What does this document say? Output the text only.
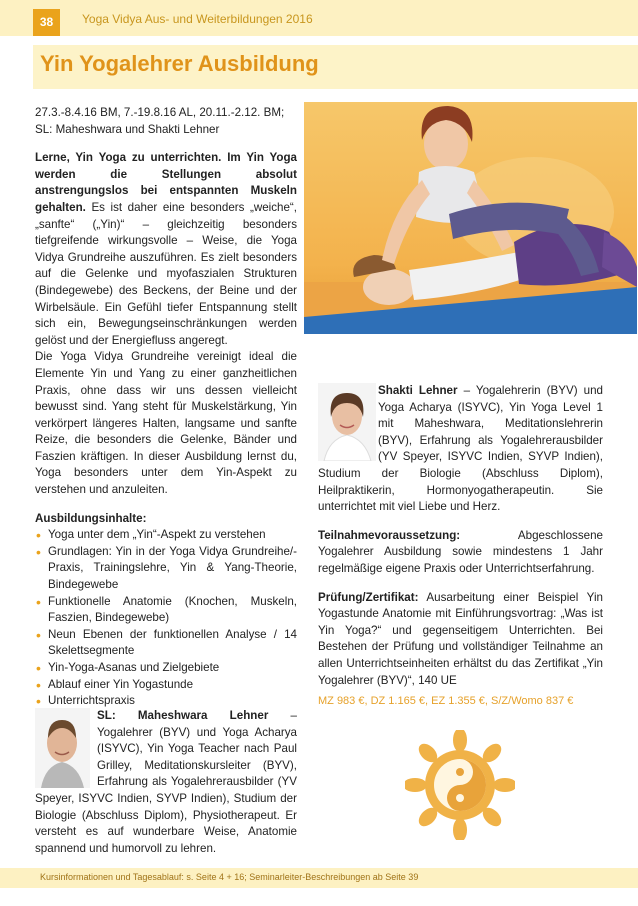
38	Yoga Vidya Aus- und Weiterbildungen 2016
Yin Yogalehrer Ausbildung

27.3.-8.4.16 BM, 7.-19.8.16 AL, 20.11.-2.12. BM;

SL: Maheshwara und Shakti Lehner

Lerne, Yin Yoga zu unterrichten. Im Yin Yoga werden die Stellungen absolut anstrengungslos bei entspannten Muskeln gehalten. Es ist daher eine besonders „weiche“, „sanfte“ („Yin)“ – gleichzeitig besonders tiefgreifende wirkungsvolle – Weise, die Yoga Vidya Grundreihe auszuführen. Es zielt besonders auf die Gelenke und myofaszialen Strukturen (Bindegewebe) des Beckens, der Beine und der Wirbelsäule. Ein Gefühl tiefer Entspannung stellt sich ein, Bewegungseinschränkungen werden gelöst und der Energiefluss angeregt.

Die Yoga Vidya Grundreihe vereinigt ideal die Elemente Yin und Yang zu einer ganzheitlichen Praxis, ohne dass wir uns dessen vielleicht bewusst sind. Yang steht für Muskelstärkung, Yin verkörpert längeres Halten, langsame und sanfte Reize, die besonders die Gelenke, Bänder und Faszien kräftigen. In dieser Ausbildung lernst du, Yoga besonders unter dem Yin-Aspekt zu verstehen und anzuleiten.

Ausbildungsinhalte:

• Yoga unter dem „Yin“-Aspekt zu verstehen
• Grundlagen: Yin in der Yoga Vidya Grundreihe/-Praxis, Trainingslehre, Yin & Yang-Theorie, Bindegewebe
• Funktionelle Anatomie (Knochen, Muskeln, Faszien, Bindegewebe)
• Neun Ebenen der funktionellen Analyse / 14 Skelettsegmente
• Yin-Yoga-Asanas und Zielgebiete
• Ablauf einer Yin Yogastunde
• Unterrichtspraxis
SL: Maheshwara Lehner – Yogalehrer (BYV) und Yoga Acharya (ISYVC), Yin Yoga Teacher nach Paul Grilley, Meditationskursleiter (BYV), Erfahrung als Yogalehrerausbilder (YV Speyer, ISYVC Indien, SYVP Indien), Studium der Biologie (Abschluss Diplom), Physiotherapeut. Er versteht es auf wunderbare Weise, Anatomie spannend und humorvoll zu lehren.

Shakti Lehner – Yogalehrerin (BYV) und Yoga Acharya (ISYVC), Yin Yoga Level 1 mit Maheshwara, Meditationslehrerin (BYV), Erfahrung als Yogalehrerausbilder (YV Speyer, ISYVC Indien, SYVP Indien), Studium der Biologie (Abschluss Diplom), Heilpraktikerin, Hormonyogatherapeutin. Sie unterrichtet mit viel Liebe und Herz.

Teilnahmevoraussetzung: Abgeschlossene Yogalehrer Ausbildung sowie mindestens 1 Jahr regelmäßige eigene Praxis oder Unterrichtserfahrung.

Prüfung/Zertifikat: Ausarbeitung einer Beispiel Yin Yogastunde Anatomie mit Einführungsvortrag: „Was ist Yin Yoga?“ und gegenseitigem Unterrichten. Bei Bestehen der Prüfung und vollständiger Teilnahme an allen Unterrichtseinheiten erhältst du das Zertifikat „Yin Yogalehrer (BYV)“, 140 UE

MZ 983 €, DZ 1.165 €, EZ 1.355 €, S/Z/Womo 837 €

Kursinformationen und Tagesablauf: s. Seite 4 + 16; Seminarleiter-Beschreibungen ab Seite 39
